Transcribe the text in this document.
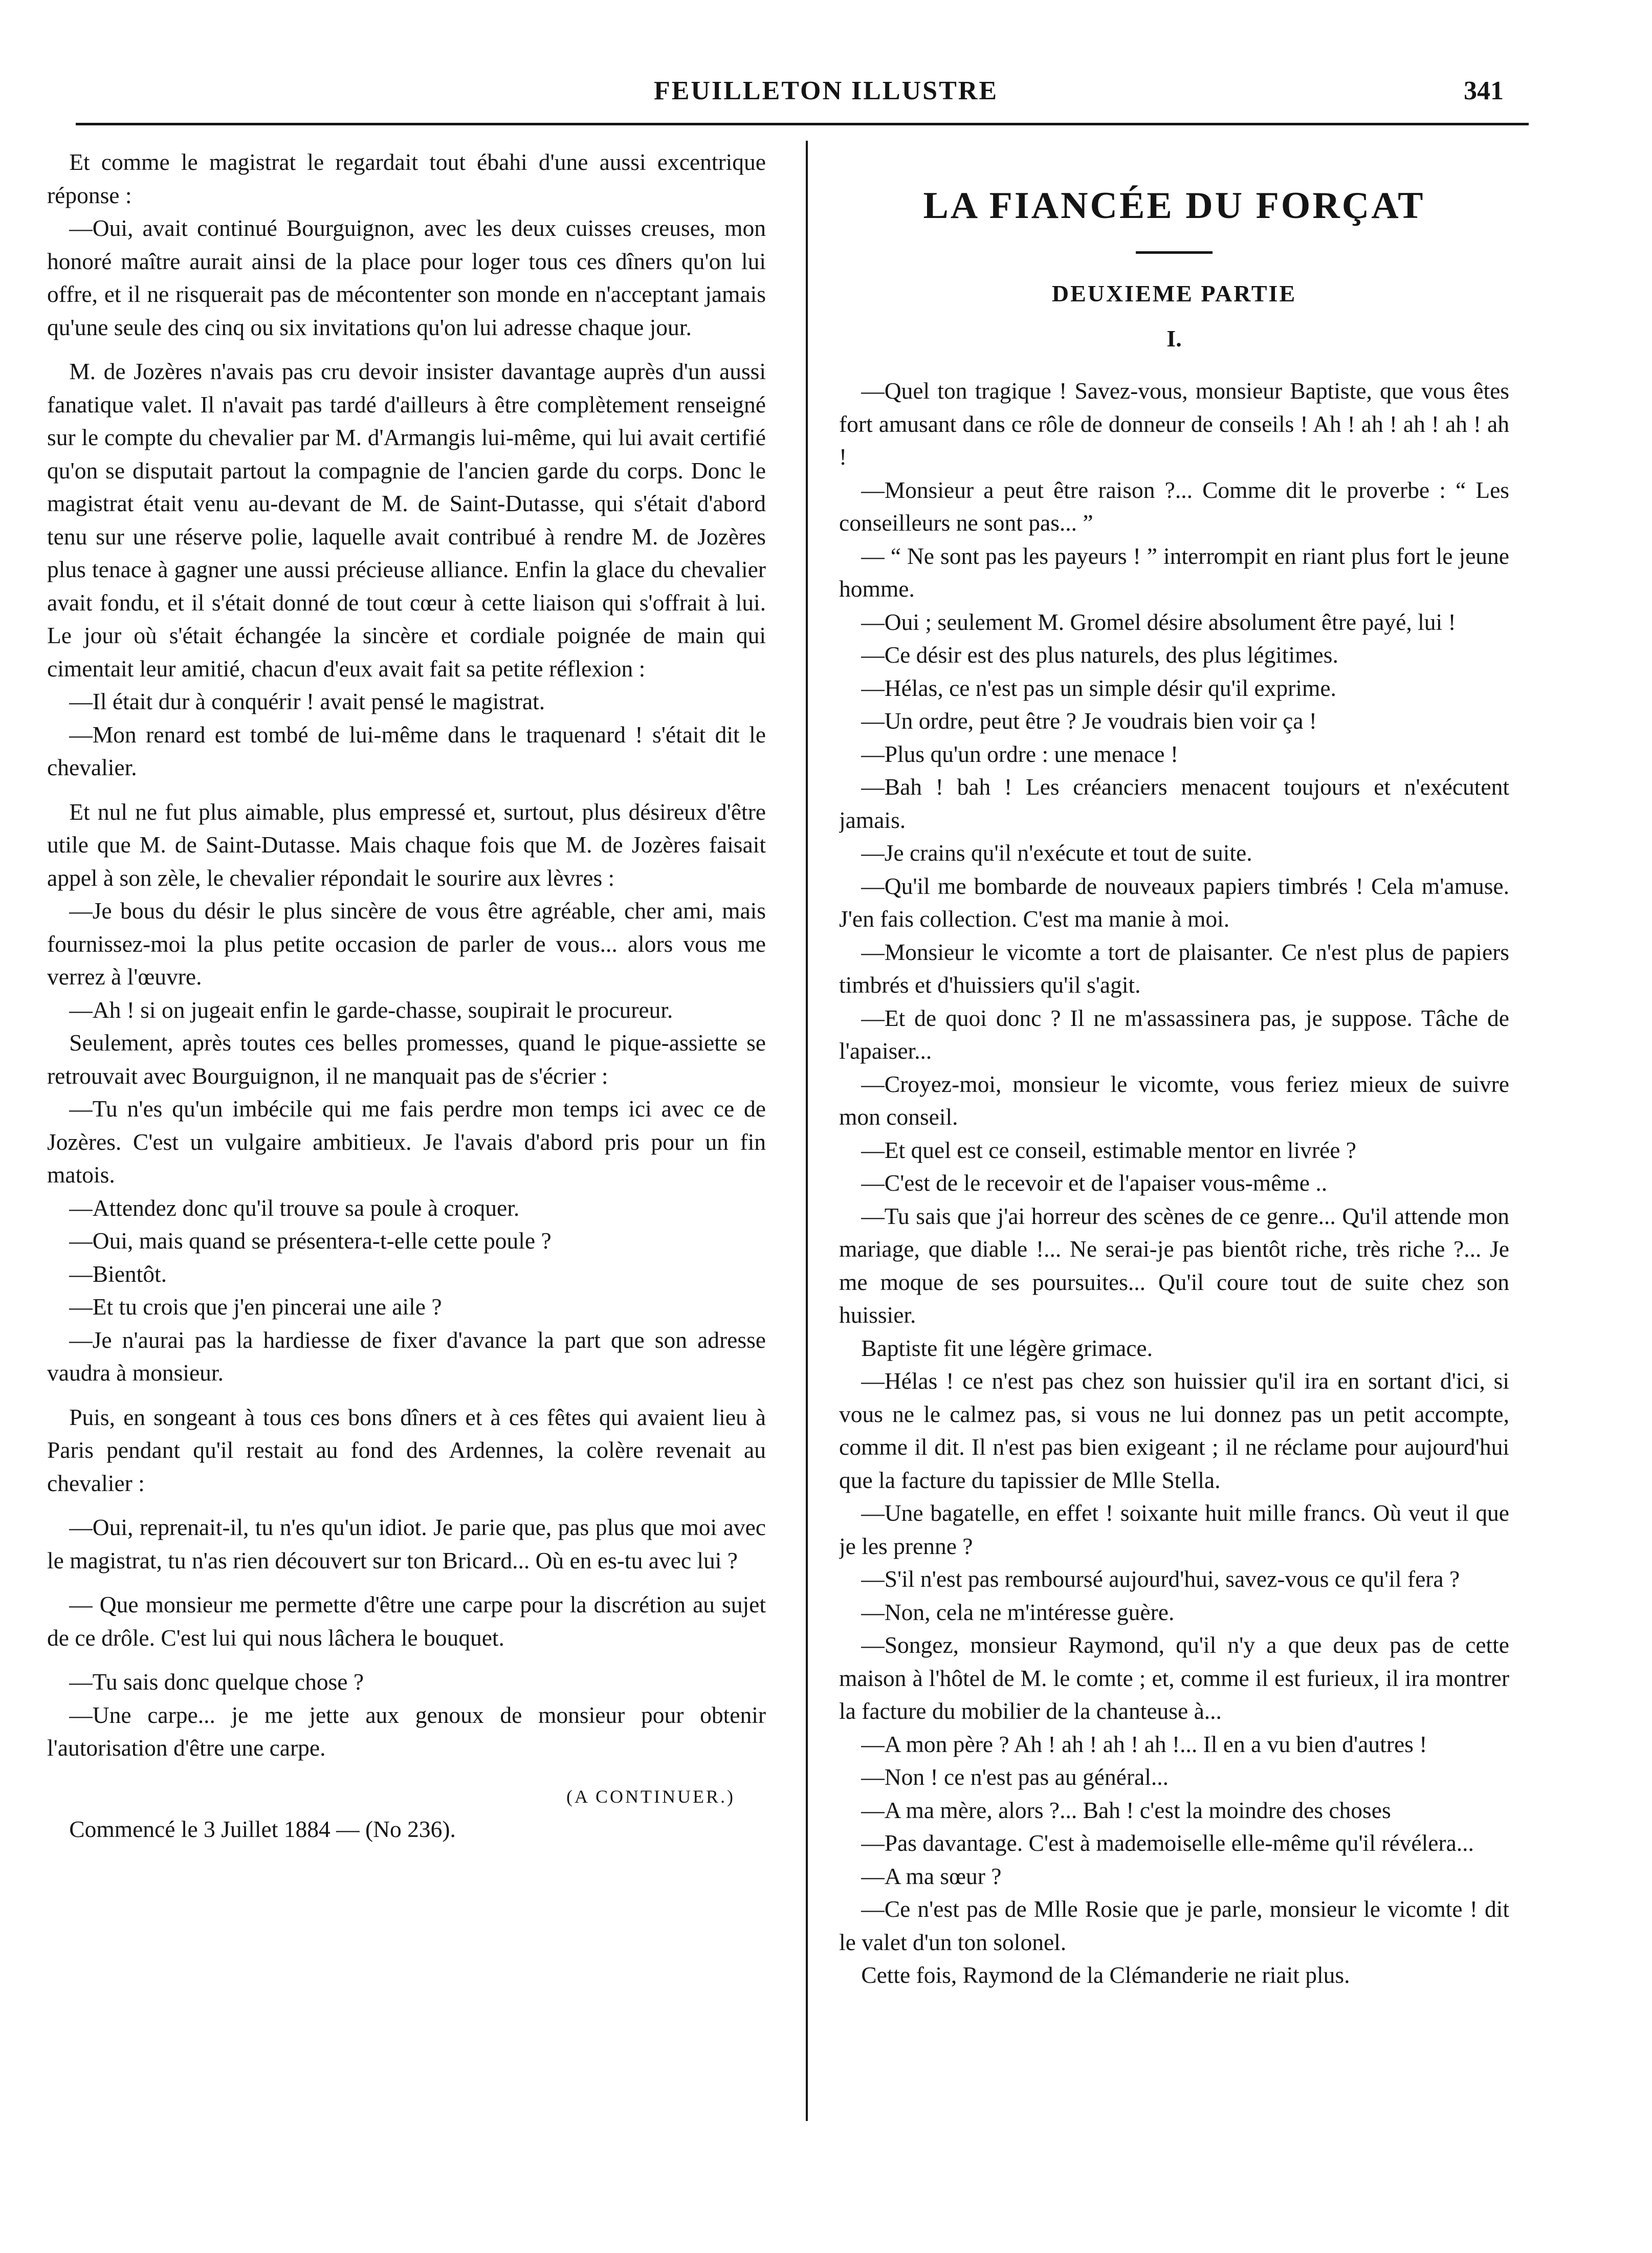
FEUILLETON ILLUSTRE	341

Et comme le magistrat le regardait tout ébahi d'une aussi excentrique réponse :

—Oui, avait continué Bourguignon, avec les deux cuisses creuses, mon honoré maître aurait ainsi de la place pour loger tous ces dîners qu'on lui offre, et il ne risquerait pas de mécontenter son monde en n'acceptant jamais qu'une seule des cinq ou six invitations qu'on lui adresse chaque jour.

M. de Jozères n'avais pas cru devoir insister davantage auprès d'un aussi fanatique valet. Il n'avait pas tardé d'ailleurs à être complètement renseigné sur le compte du chevalier par M. d'Armangis lui-même, qui lui avait certifié qu'on se disputait partout la compagnie de l'ancien garde du corps. Donc le magistrat était venu au-devant de M. de Saint-Dutasse, qui s'était d'abord tenu sur une réserve polie, laquelle avait contribué à rendre M. de Jozères plus tenace à gagner une aussi précieuse alliance. Enfin la glace du chevalier avait fondu, et il s'était donné de tout cœur à cette liaison qui s'offrait à lui. Le jour où s'était échangée la sincère et cordiale poignée de main qui cimentait leur amitié, chacun d'eux avait fait sa petite réflexion :

—Il était dur à conquérir ! avait pensé le magistrat.

—Mon renard est tombé de lui-même dans le traquenard ! s'était dit le chevalier.

Et nul ne fut plus aimable, plus empressé et, surtout, plus désireux d'être utile que M. de Saint-Dutasse. Mais chaque fois que M. de Jozères faisait appel à son zèle, le chevalier répondait le sourire aux lèvres :

—Je bous du désir le plus sincère de vous être agréable, cher ami, mais fournissez-moi la plus petite occasion de parler de vous... alors vous me verrez à l'œuvre.

—Ah ! si on jugeait enfin le garde-chasse, soupirait le procureur.

Seulement, après toutes ces belles promesses, quand le pique-assiette se retrouvait avec Bourguignon, il ne manquait pas de s'écrier :

—Tu n'es qu'un imbécile qui me fais perdre mon temps ici avec ce de Jozères. C'est un vulgaire ambitieux. Je l'avais d'abord pris pour un fin matois.

—Attendez donc qu'il trouve sa poule à croquer.

—Oui, mais quand se présentera-t-elle cette poule ?

—Bientôt.

—Et tu crois que j'en pincerai une aile ?

—Je n'aurai pas la hardiesse de fixer d'avance la part que son adresse vaudra à monsieur.

Puis, en songeant à tous ces bons dîners et à ces fêtes qui avaient lieu à Paris pendant qu'il restait au fond des Ardennes, la colère revenait au chevalier :

—Oui, reprenait-il, tu n'es qu'un idiot. Je parie que, pas plus que moi avec le magistrat, tu n'as rien découvert sur ton Bricard... Où en es-tu avec lui ?

— Que monsieur me permette d'être une carpe pour la discrétion au sujet de ce drôle. C'est lui qui nous lâchera le bouquet.

—Tu sais donc quelque chose ?

—Une carpe... je me jette aux genoux de monsieur pour obtenir l'autorisation d'être une carpe.

(A CONTINUER.)

Commencé le 3 Juillet 1884 — (No 236).

LA FIANCÉE DU FORÇAT
DEUXIEME PARTIE
I.

—Quel ton tragique ! Savez-vous, monsieur Baptiste, que vous êtes fort amusant dans ce rôle de donneur de conseils ! Ah ! ah ! ah ! ah ! ah !

—Monsieur a peut être raison ?... Comme dit le proverbe : “ Les conseilleurs ne sont pas... ”

— “ Ne sont pas les payeurs ! ” interrompit en riant plus fort le jeune homme.

—Oui ; seulement M. Gromel désire absolument être payé, lui !

—Ce désir est des plus naturels, des plus légitimes.

—Hélas, ce n'est pas un simple désir qu'il exprime.

—Un ordre, peut être ? Je voudrais bien voir ça !

—Plus qu'un ordre : une menace !

—Bah ! bah ! Les créanciers menacent toujours et n'exécutent jamais.

—Je crains qu'il n'exécute et tout de suite.

—Qu'il me bombarde de nouveaux papiers timbrés ! Cela m'amuse. J'en fais collection. C'est ma manie à moi.

—Monsieur le vicomte a tort de plaisanter. Ce n'est plus de papiers timbrés et d'huissiers qu'il s'agit.

—Et de quoi donc ? Il ne m'assassinera pas, je suppose. Tâche de l'apaiser...

—Croyez-moi, monsieur le vicomte, vous feriez mieux de suivre mon conseil.

—Et quel est ce conseil, estimable mentor en livrée ?

—C'est de le recevoir et de l'apaiser vous-même ..

—Tu sais que j'ai horreur des scènes de ce genre... Qu'il attende mon mariage, que diable !... Ne serai-je pas bientôt riche, très riche ?... Je me moque de ses poursuites... Qu'il coure tout de suite chez son huissier.

Baptiste fit une légère grimace.

—Hélas ! ce n'est pas chez son huissier qu'il ira en sortant d'ici, si vous ne le calmez pas, si vous ne lui donnez pas un petit accompte, comme il dit. Il n'est pas bien exigeant ; il ne réclame pour aujourd'hui que la facture du tapissier de Mlle Stella.

—Une bagatelle, en effet ! soixante huit mille francs. Où veut il que je les prenne ?

—S'il n'est pas remboursé aujourd'hui, savez-vous ce qu'il fera ?

—Non, cela ne m'intéresse guère.

—Songez, monsieur Raymond, qu'il n'y a que deux pas de cette maison à l'hôtel de M. le comte ; et, comme il est furieux, il ira montrer la facture du mobilier de la chanteuse à...

—A mon père ? Ah ! ah ! ah ! ah !... Il en a vu bien d'autres !

—Non ! ce n'est pas au général...

—A ma mère, alors ?... Bah ! c'est la moindre des choses

—Pas davantage. C'est à mademoiselle elle-même qu'il révélera...

—A ma sœur ?

—Ce n'est pas de Mlle Rosie que je parle, monsieur le vicomte ! dit le valet d'un ton solonel.

Cette fois, Raymond de la Clémanderie ne riait plus.
